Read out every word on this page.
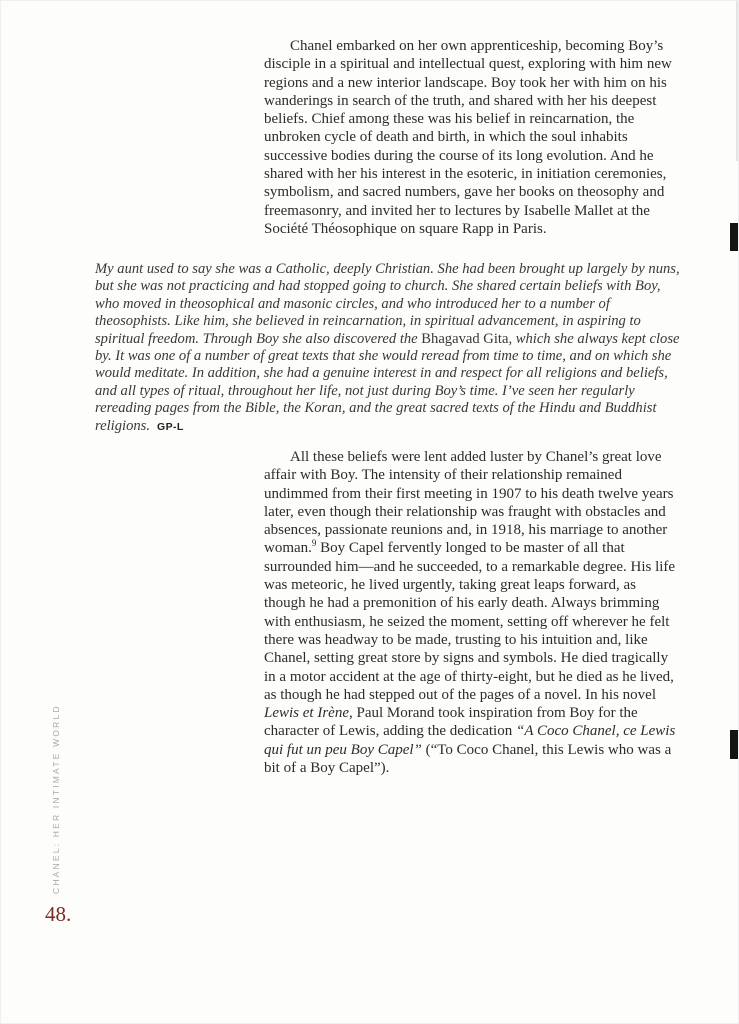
Chanel embarked on her own apprenticeship, becoming Boy’s disciple in a spiritual and intellectual quest, exploring with him new regions and a new interior landscape. Boy took her with him on his wanderings in search of the truth, and shared with her his deepest beliefs. Chief among these was his belief in reincarnation, the unbroken cycle of death and birth, in which the soul inhabits successive bodies during the course of its long evolution. And he shared with her his interest in the esoteric, in initiation ceremonies, symbolism, and sacred numbers, gave her books on theosophy and freemasonry, and invited her to lectures by Isabelle Mallet at the Société Théosophique on square Rapp in Paris.

My aunt used to say she was a Catholic, deeply Christian. She had been brought up largely by nuns, but she was not practicing and had stopped going to church. She shared certain beliefs with Boy, who moved in theosophical and masonic circles, and who introduced her to a number of theosophists. Like him, she believed in reincarnation, in spiritual advancement, in aspiring to spiritual freedom. Through Boy she also discovered the Bhagavad Gita, which she always kept close by. It was one of a number of great texts that she would reread from time to time, and on which she would meditate. In addition, she had a genuine interest in and respect for all religions and beliefs, and all types of ritual, throughout her life, not just during Boy’s time. I’ve seen her regularly rereading pages from the Bible, the Koran, and the great sacred texts of the Hindu and Buddhist religions. GP-L

All these beliefs were lent added luster by Chanel’s great love affair with Boy. The intensity of their relationship remained undimmed from their first meeting in 1907 to his death twelve years later, even though their relationship was fraught with obstacles and absences, passionate reunions and, in 1918, his marriage to another woman.$^9$ Boy Capel fervently longed to be master of all that surrounded him—and he succeeded, to a remarkable degree. His life was meteoric, he lived urgently, taking great leaps forward, as though he had a premonition of his early death. Always brimming with enthusiasm, he seized the moment, setting off wherever he felt there was headway to be made, trusting to his intuition and, like Chanel, setting great store by signs and symbols. He died tragically in a motor accident at the age of thirty-eight, but he died as he lived, as though he had stepped out of the pages of a novel. In his novel Lewis et Irène, Paul Morand took inspiration from Boy for the character of Lewis, adding the dedication “A Coco Chanel, ce Lewis qui fut un peu Boy Capel” (“To Coco Chanel, this Lewis who was a bit of a Boy Capel”).

CHANEL: HER INTIMATE WORLD
48.
